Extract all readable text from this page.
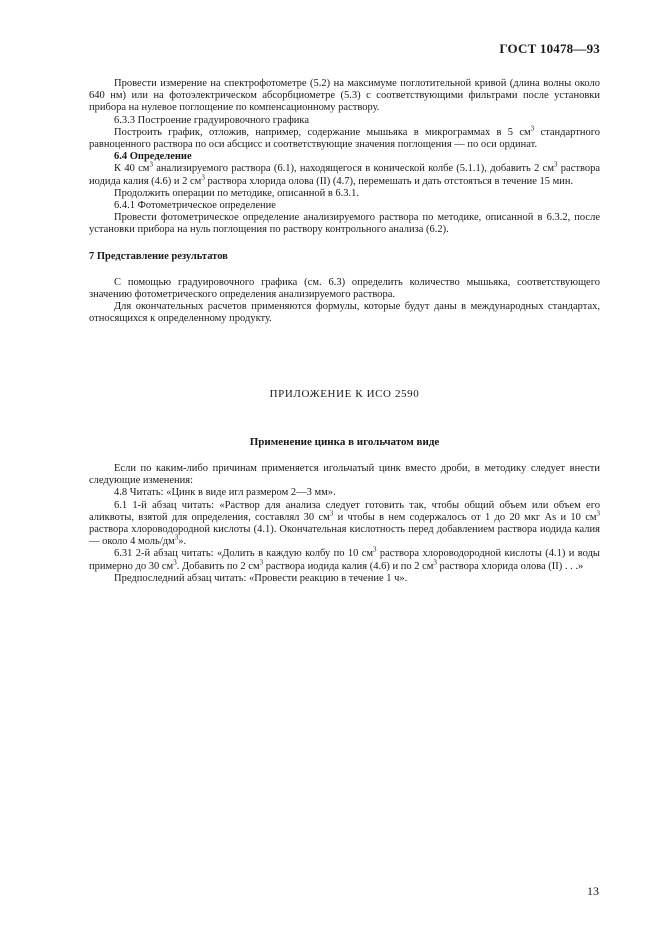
ГОСТ 10478—93

Провести измерение на спектрофотометре (5.2) на максимуме поглотительной кривой (длина волны около 640 нм) или на фотоэлектрическом абсорбциометре (5.3) с соответствующими фильтрами после установки прибора на нулевое поглощение по компенсационному раствору.

6.3.3 Построение градуировочного графика

Построить график, отложив, например, содержание мышьяка в микрограммах в 5 $см^3$ стандартного равноценного раствора по оси абсцисс и соответствующие значения поглощения — по оси ординат.

6.4 Определение

К 40 $см^3$ анализируемого раствора (6.1), находящегося в конической колбе (5.1.1), добавить 2 $см^3$ раствора иодида калия (4.6) и 2 $см^3$ раствора хлорида олова (II) (4.7), перемешать и дать отстояться в течение 15 мин.

Продолжить операции по методике, описанной в 6.3.1.

6.4.1 Фотометрическое определение

Провести фотометрическое определение анализируемого раствора по методике, описанной в 6.3.2, после установки прибора на нуль поглощения по раствору контрольного анализа (6.2).

7 Представление результатов

С помощью градуировочного графика (см. 6.3) определить количество мышьяка, соответствующего значению фотометрического определения анализируемого раствора.

Для окончательных расчетов применяются формулы, которые будут даны в международных стандартах, относящихся к определенному продукту.

ПРИЛОЖЕНИЕ К ИСО 2590

Применение цинка в игольчатом виде

Если по каким-либо причинам применяется игольчатый цинк вместо дроби, в методику следует внести следующие изменения:

4.8 Читать: «Цинк в виде игл размером 2—3 мм».

6.1 1-й абзац читать: «Раствор для анализа следует готовить так, чтобы общий объем или объем его аликвоты, взятой для определения, составлял 30 $см^3$ и чтобы в нем содержалось от 1 до 20 мкг As и 10 $см^3$ раствора хлороводородной кислоты (4.1). Окончательная кислотность перед добавлением раствора иодида калия — около 4 моль/$дм^3$».

6.31 2-й абзац читать: «Долить в каждую колбу по 10 $см^3$ раствора хлороводородной кислоты (4.1) и воды примерно до 30 $см^3$. Добавить по 2 $см^3$ раствора иодида калия (4.6) и по 2 $см^3$ раствора хлорида олова (II) . . .»

Предпоследний абзац читать: «Провести реакцию в течение 1 ч».

13
